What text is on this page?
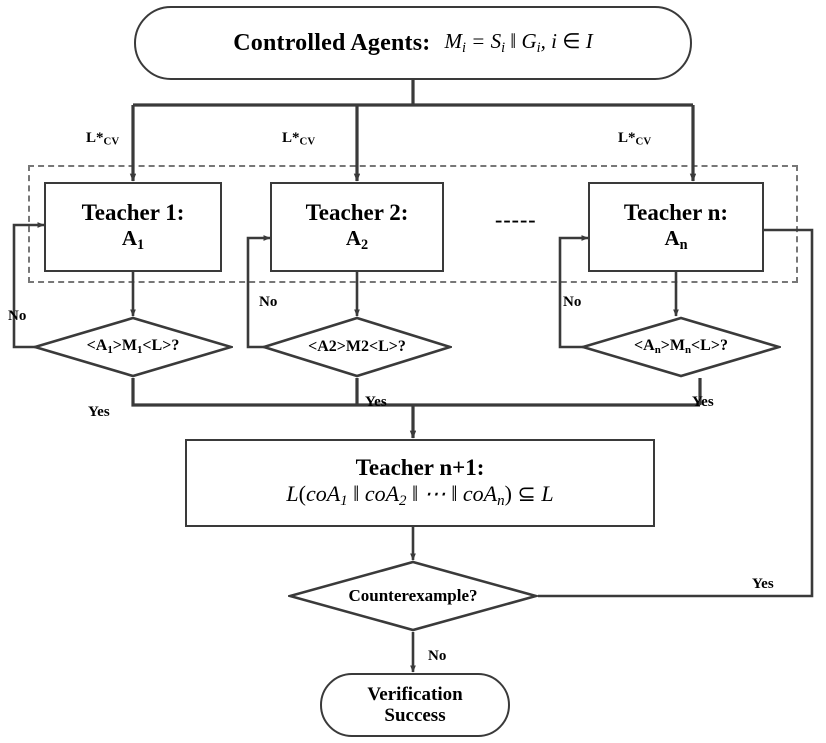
Controlled Agents: $M_i = S_i$ ‖ $G_i$, i ∈ I
L*CV	L*CV	L*CV
Teacher 1:
A1
Teacher 2:
A2
-----	Teacher n:
An
<A1>M1<L>?	<A2>M2<L>?	<An>Mn<L>?
No
No	No
Yes
Yes	Yes
Teacher n+1:
L(coA$_1$ ‖ coA$_2$ ‖ ⋯ ‖ coA$_n$) ⊆ L
Counterexample?
Yes
No
Verification
Success
